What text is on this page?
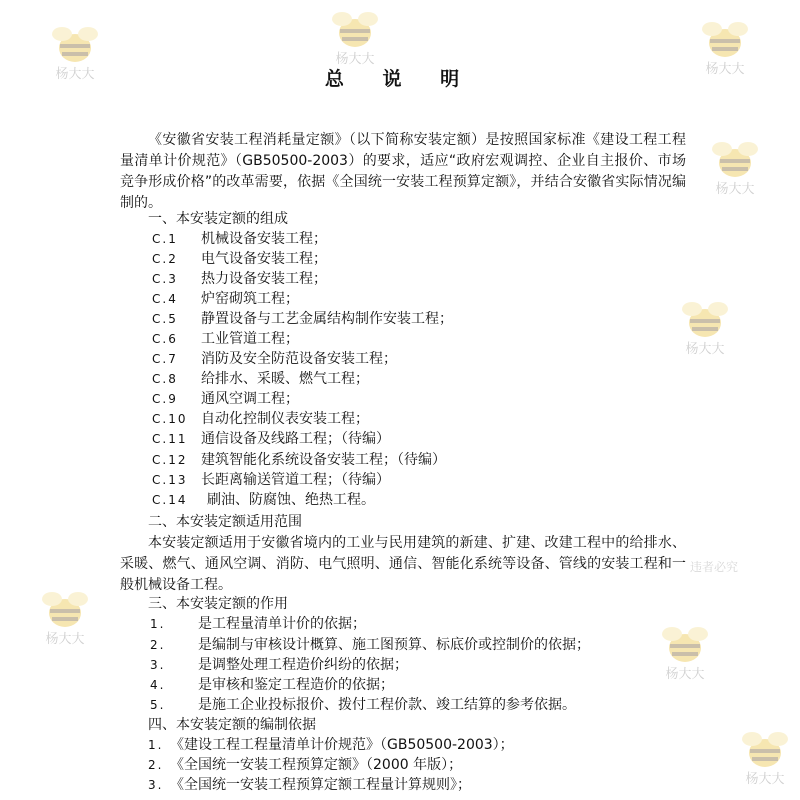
杨大大
杨大大
杨大大
杨大大
杨大大
杨大大
杨大大
杨大大
违者必究
总 说 明
《安徽省安装工程消耗量定额》（以下简称安装定额）是按照国家标准《建设工程工程量清单计价规范》（GB50500-2003）的要求，适应“政府宏观调控、企业自主报价、市场竞争形成价格”的改革需要，依据《全国统一安装工程预算定额》，并结合安徽省实际情况编制的。
一、本安装定额的组成
C.1 机械设备安装工程；
C.2 电气设备安装工程；
C.3 热力设备安装工程；
C.4 炉窑砌筑工程；
C.5 静置设备与工艺金属结构制作安装工程；
C.6 工业管道工程；
C.7 消防及安全防范设备安装工程；
C.8 给排水、采暖、燃气工程；
C.9 通风空调工程；
C.10 自动化控制仪表安装工程；
C.11 通信设备及线路工程；（待编）
C.12 建筑智能化系统设备安装工程；（待编）
C.13 长距离输送管道工程；（待编）
C.14 刷油、防腐蚀、绝热工程。
二、本安装定额适用范围
本安装定额适用于安徽省境内的工业与民用建筑的新建、扩建、改建工程中的给排水、采暖、燃气、通风空调、消防、电气照明、通信、智能化系统等设备、管线的安装工程和一般机械设备工程。
三、本安装定额的作用
1. 是工程量清单计价的依据；
2. 是编制与审核设计概算、施工图预算、标底价或控制价的依据；
3. 是调整处理工程造价纠纷的依据；
4. 是审核和鉴定工程造价的依据；
5. 是施工企业投标报价、拨付工程价款、竣工结算的参考依据。
四、本安装定额的编制依据
1. 《建设工程工程量清单计价规范》（GB50500-2003）；
2. 《全国统一安装工程预算定额》（2000 年版）；
3. 《全国统一安装工程预算定额工程量计算规则》；
